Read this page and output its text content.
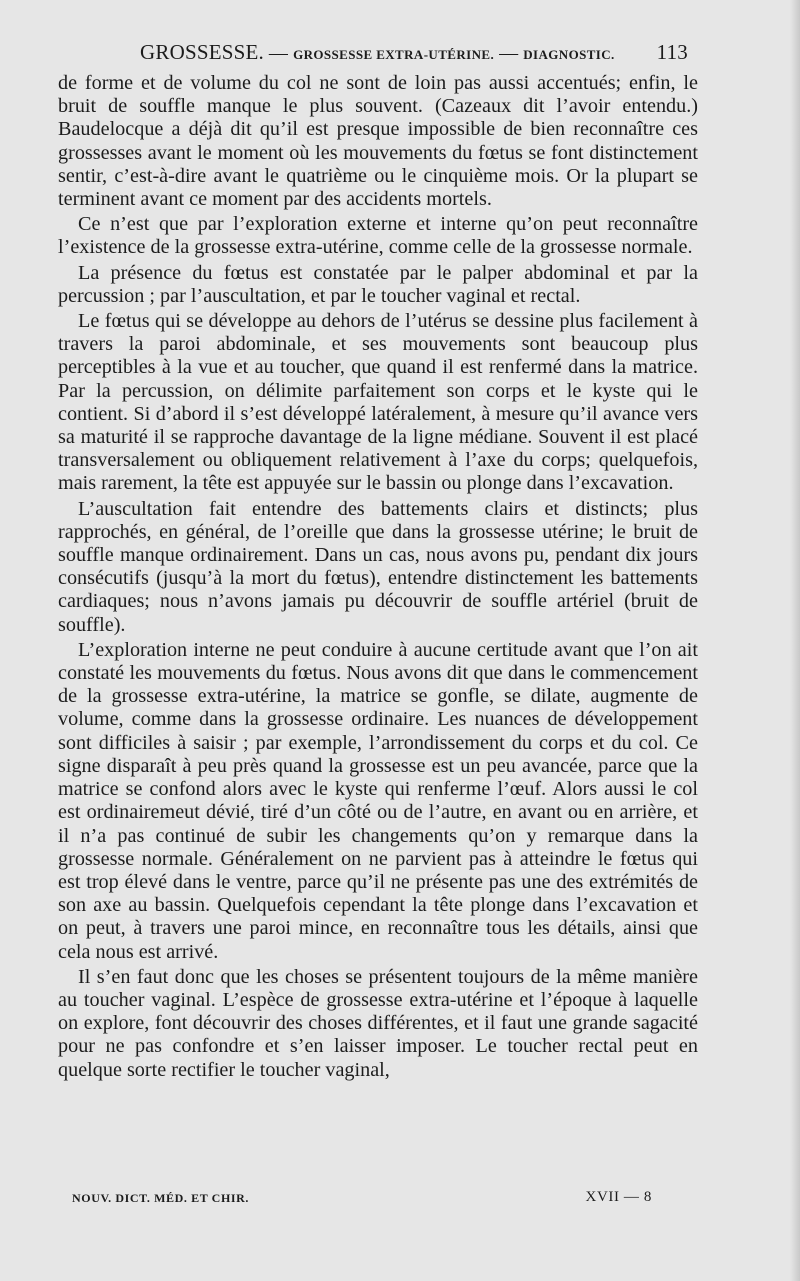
GROSSESSE. — GROSSESSE EXTRA-UTÉRINE. — DIAGNOSTIC. 113

de forme et de volume du col ne sont de loin pas aussi accentués; enfin, le bruit de souffle manque le plus souvent. (Cazeaux dit l’avoir entendu.) Baudelocque a déjà dit qu’il est presque impossible de bien reconnaître ces grossesses avant le moment où les mouvements du fœtus se font distinctement sentir, c’est-à-dire avant le quatrième ou le cinquième mois. Or la plupart se terminent avant ce moment par des accidents mortels.

Ce n’est que par l’exploration externe et interne qu’on peut reconnaître l’existence de la grossesse extra-utérine, comme celle de la grossesse normale.

La présence du fœtus est constatée par le palper abdominal et par la percussion ; par l’auscultation, et par le toucher vaginal et rectal.

Le fœtus qui se développe au dehors de l’utérus se dessine plus facilement à travers la paroi abdominale, et ses mouvements sont beaucoup plus perceptibles à la vue et au toucher, que quand il est renfermé dans la matrice. Par la percussion, on délimite parfaitement son corps et le kyste qui le contient. Si d’abord il s’est développé latéralement, à mesure qu’il avance vers sa maturité il se rapproche davantage de la ligne médiane. Souvent il est placé transversalement ou obliquement relativement à l’axe du corps; quelquefois, mais rarement, la tête est appuyée sur le bassin ou plonge dans l’excavation.

L’auscultation fait entendre des battements clairs et distincts; plus rapprochés, en général, de l’oreille que dans la grossesse utérine; le bruit de souffle manque ordinairement. Dans un cas, nous avons pu, pendant dix jours consécutifs (jusqu’à la mort du fœtus), entendre distinctement les battements cardiaques; nous n’avons jamais pu découvrir de souffle artériel (bruit de souffle).

L’exploration interne ne peut conduire à aucune certitude avant que l’on ait constaté les mouvements du fœtus. Nous avons dit que dans le commencement de la grossesse extra-utérine, la matrice se gonfle, se dilate, augmente de volume, comme dans la grossesse ordinaire. Les nuances de développement sont difficiles à saisir ; par exemple, l’arrondissement du corps et du col. Ce signe disparaît à peu près quand la grossesse est un peu avancée, parce que la matrice se confond alors avec le kyste qui renferme l’œuf. Alors aussi le col est ordinairemeut dévié, tiré d’un côté ou de l’autre, en avant ou en arrière, et il n’a pas continué de subir les changements qu’on y remarque dans la grossesse normale. Généralement on ne parvient pas à atteindre le fœtus qui est trop élevé dans le ventre, parce qu’il ne présente pas une des extrémités de son axe au bassin. Quelquefois cependant la tête plonge dans l’excavation et on peut, à travers une paroi mince, en reconnaître tous les détails, ainsi que cela nous est arrivé.

Il s’en faut donc que les choses se présentent toujours de la même manière au toucher vaginal. L’espèce de grossesse extra-utérine et l’époque à laquelle on explore, font découvrir des choses différentes, et il faut une grande sagacité pour ne pas confondre et s’en laisser imposer. Le toucher rectal peut en quelque sorte rectifier le toucher vaginal,

NOUV. DICT. MÉD. ET CHIR.	XVII — 8
